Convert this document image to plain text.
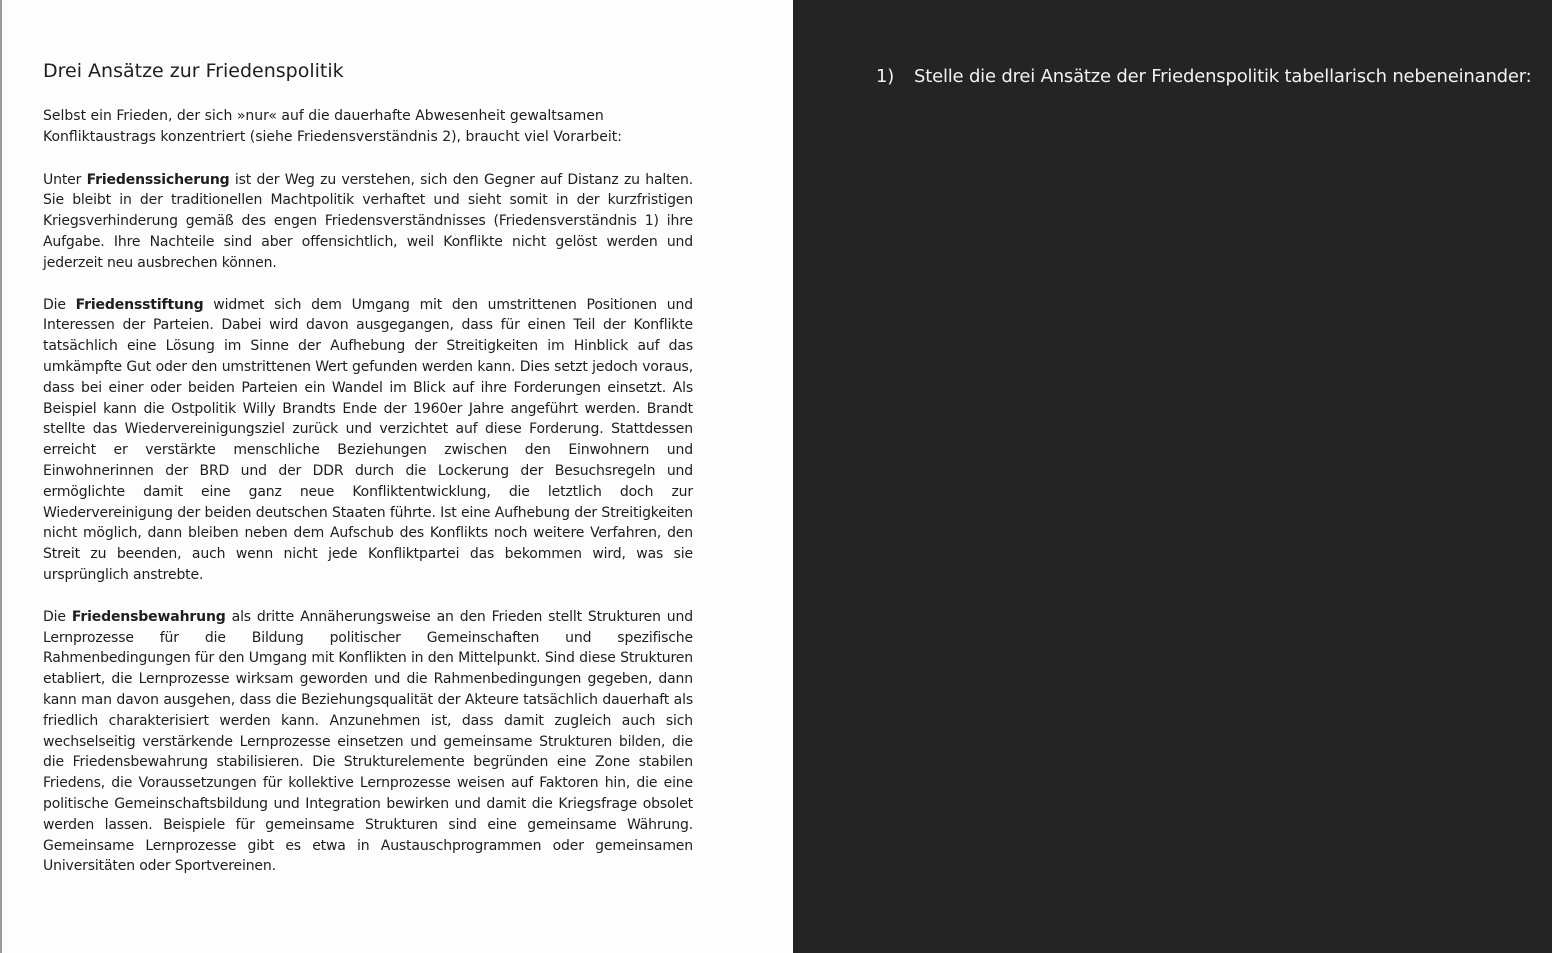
Drei Ansätze zur Friedenspolitik

Selbst ein Frieden, der sich »nur« auf die dauerhafte Abwesenheit gewaltsamen Konfliktaustrags konzentriert (siehe Friedensverständnis 2), braucht viel Vorarbeit:

Unter Friedenssicherung ist der Weg zu verstehen, sich den Gegner auf Distanz zu halten. Sie bleibt in der traditionellen Machtpolitik verhaftet und sieht somit in der kurzfristigen Kriegsverhinderung gemäß des engen Friedensverständnisses (Friedensverständnis 1) ihre Aufgabe. Ihre Nachteile sind aber offensichtlich, weil Konflikte nicht gelöst werden und jederzeit neu ausbrechen können.

Die Friedensstiftung widmet sich dem Umgang mit den umstrittenen Positionen und Interessen der Parteien. Dabei wird davon ausgegangen, dass für einen Teil der Konflikte tatsächlich eine Lösung im Sinne der Aufhebung der Streitigkeiten im Hinblick auf das umkämpfte Gut oder den umstrittenen Wert gefunden werden kann. Dies setzt jedoch voraus, dass bei einer oder beiden Parteien ein Wandel im Blick auf ihre Forderungen einsetzt. Als Beispiel kann die Ostpolitik Willy Brandts Ende der 1960er Jahre angeführt werden. Brandt stellte das Wiedervereinigungsziel zurück und verzichtet auf diese Forderung. Stattdessen erreicht er verstärkte menschliche Beziehungen zwischen den Einwohnern und Einwohnerinnen der BRD und der DDR durch die Lockerung der Besuchsregeln und ermöglichte damit eine ganz neue Konfliktentwicklung, die letztlich doch zur Wiedervereinigung der beiden deutschen Staaten führte. Ist eine Aufhebung der Streitigkeiten nicht möglich, dann bleiben neben dem Aufschub des Konflikts noch weitere Verfahren, den Streit zu beenden, auch wenn nicht jede Konfliktpartei das bekommen wird, was sie ursprünglich anstrebte.

Die Friedensbewahrung als dritte Annäherungsweise an den Frieden stellt Strukturen und Lernprozesse für die Bildung politischer Gemeinschaften und spezifische Rahmenbedingungen für den Umgang mit Konflikten in den Mittelpunkt. Sind diese Strukturen etabliert, die Lernprozesse wirksam geworden und die Rahmenbedingungen gegeben, dann kann man davon ausgehen, dass die Beziehungsqualität der Akteure tatsächlich dauerhaft als friedlich charakterisiert werden kann. Anzunehmen ist, dass damit zugleich auch sich wechselseitig verstärkende Lernprozesse einsetzen und gemeinsame Strukturen bilden, die die Friedensbewahrung stabilisieren. Die Strukturelemente begründen eine Zone stabilen Friedens, die Voraussetzungen für kollektive Lernprozesse weisen auf Faktoren hin, die eine politische Gemeinschaftsbildung und Integration bewirken und damit die Kriegsfrage obsolet werden lassen. Beispiele für gemeinsame Strukturen sind eine gemeinsame Währung. Gemeinsame Lernprozesse gibt es etwa in Austauschprogrammen oder gemeinsamen Universitäten oder Sportvereinen.

1) Stelle die drei Ansätze der Friedenspolitik tabellarisch nebeneinander:
